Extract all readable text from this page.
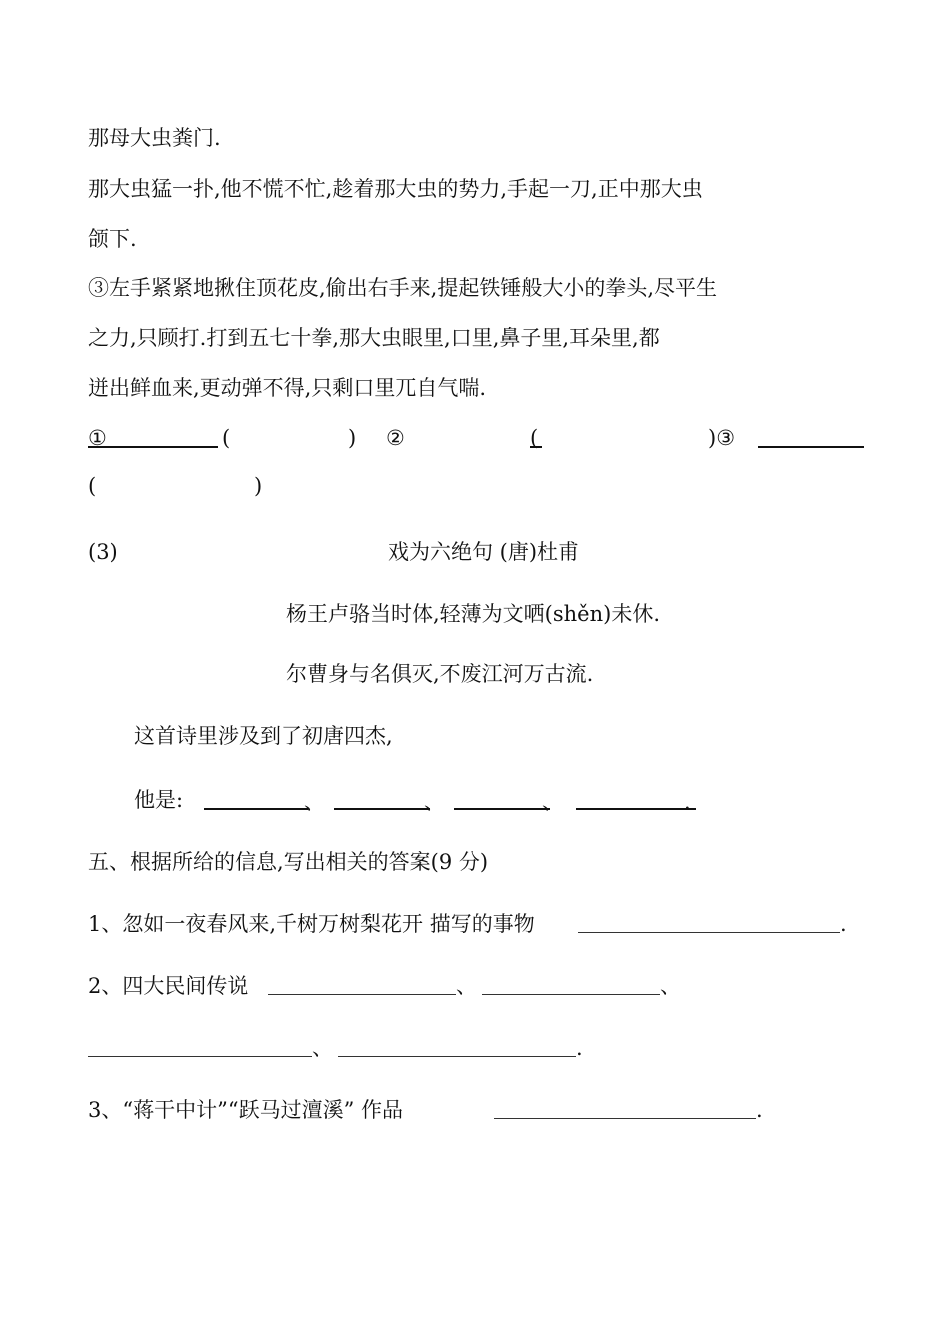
那母大虫粪门.
那大虫猛一扑,他不慌不忙,趁着那大虫的势力,手起一刀,正中那大虫
颌下.
③左手紧紧地揪住顶花皮,偷出右手来,提起铁锤般大小的拳头,尽平生
之力,只顾打.打到五七十拳,那大虫眼里,口里,鼻子里,耳朵里,都
迸出鲜血来,更动弹不得,只剩口里兀自气喘.
①	(	) ②	(	)③
(	)
(3)	戏为六绝句 (唐)杜甫
杨王卢骆当时体,轻薄为文哂(shěn)未休.
尔曹身与名俱灭,不废江河万古流.
这首诗里涉及到了初唐四杰,
他是:	、	、	、	.
五、根据所给的信息,写出相关的答案(9 分)
1、忽如一夜春风来,千树万树梨花开 描写的事物	.
2、四大民间传说	、	、
、	.
3、“蒋干中计”“跃马过澶溪” 作品	.
